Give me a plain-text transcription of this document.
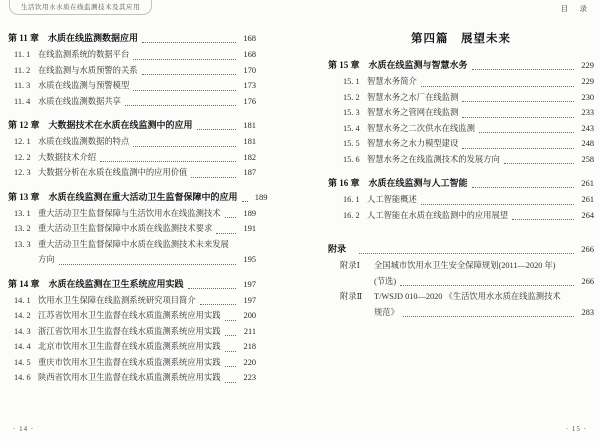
生活饮用水水质在线监测技术及其应用
第 11 章 水质在线监测数据应用	168
11. 1 在线监测系统的数据平台	168
11. 2 在线监测与水质预警的关系	170
11. 3 水质在线监测与预警模型	173
11. 4 水质在线监测数据共享	176
第 12 章 大数据技术在水质在线监测中的应用	181
12. 1 水质在线监测数据的特点	181
12. 2 大数据技术介绍	182
12. 3 大数据分析在水质在线监测中的应用价值	187
第 13 章 水质在线监测在重大活动卫生监督保障中的应用	189
13. 1 重大活动卫生监督保障与生活饮用水在线监测技术	189
13. 2 重大活动卫生监督保障中水质在线监测技术要求	191
13. 3 重大活动卫生监督保障中水质在线监测技术未来发展
方向	195
第 14 章 水质在线监测在卫生系统应用实践	197
14. 1 饮用水卫生保障在线监测系统研究项目简介	197
14. 2 江苏省饮用水卫生监督在线水质监测系统应用实践	200
14. 3 浙江省饮用水卫生监督在线水质监测系统应用实践	211
14. 4 北京市饮用水卫生监督在线水质监测系统应用实践	218
14. 5 重庆市饮用水卫生监督在线水质监测系统应用实践	220
14. 6 陕西省饮用水卫生监督在线水质监测系统应用实践	223
· 14 ·
目　录
第四篇　展望未来
第 15 章 水质在线监测与智慧水务	229
15. 1 智慧水务简介	229
15. 2 智慧水务之水厂在线监测	230
15. 3 智慧水务之管网在线监测	233
15. 4 智慧水务之二次供水在线监测	243
15. 5 智慧水务之水力模型建设	248
15. 6 智慧水务之在线监测技术的发展方向	258
第 16 章 水质在线监测与人工智能	261
16. 1 人工智能概述	261
16. 2 人工智能在水质在线监测中的应用展望	264
附录	266
附录Ⅰ	全国城市饮用水卫生安全保障规划(2011—2020 年)
(节选)	266
附录Ⅱ	T/WSJD 010—2020 《生活饮用水水质在线监测技术
规范》	283
· 15 ·
